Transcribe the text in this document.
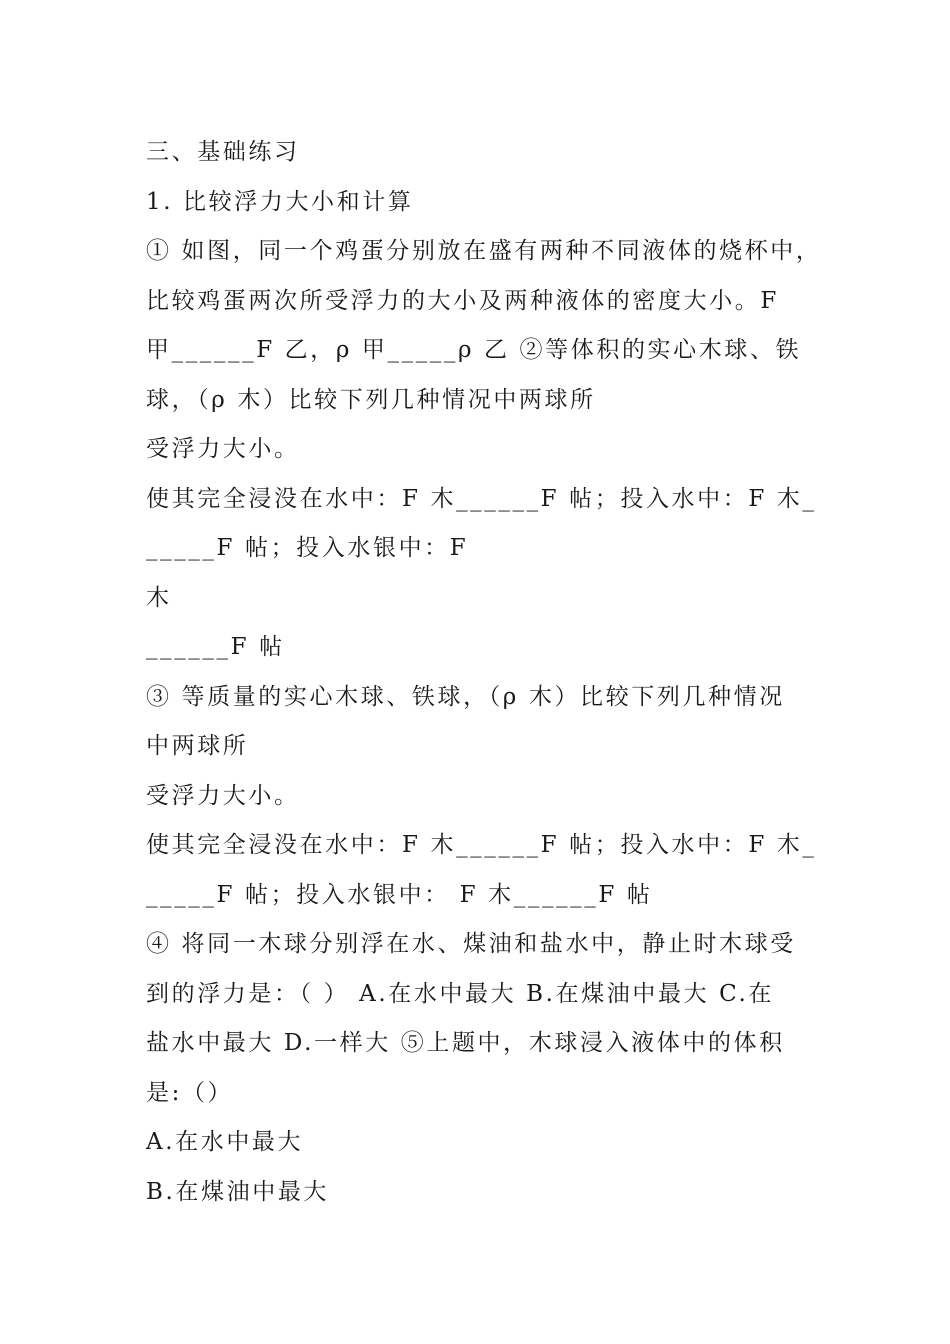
三、基础练习
1. 比较浮力大小和计算
① 如图，同一个鸡蛋分别放在盛有两种不同液体的烧杯中，
比较鸡蛋两次所受浮力的大小及两种液体的密度大小。F
甲______F 乙，ρ 甲_____ρ 乙 ②等体积的实心木球、铁
球，（ρ 木）比较下列几种情况中两球所
受浮力大小。
使其完全浸没在水中：F 木______F 帖；投入水中：F 木_
_____F 帖；投入水银中：F
木
______F 帖
③ 等质量的实心木球、铁球，（ρ 木）比较下列几种情况
中两球所
受浮力大小。
使其完全浸没在水中：F 木______F 帖；投入水中：F 木_
_____F 帖；投入水银中： F 木______F 帖
④ 将同一木球分别浮在水、煤油和盐水中，静止时木球受
到的浮力是：（ ） A.在水中最大 B.在煤油中最大 C.在
盐水中最大 D.一样大 ⑤上题中，木球浸入液体中的体积
是:（）
A.在水中最大
B.在煤油中最大
